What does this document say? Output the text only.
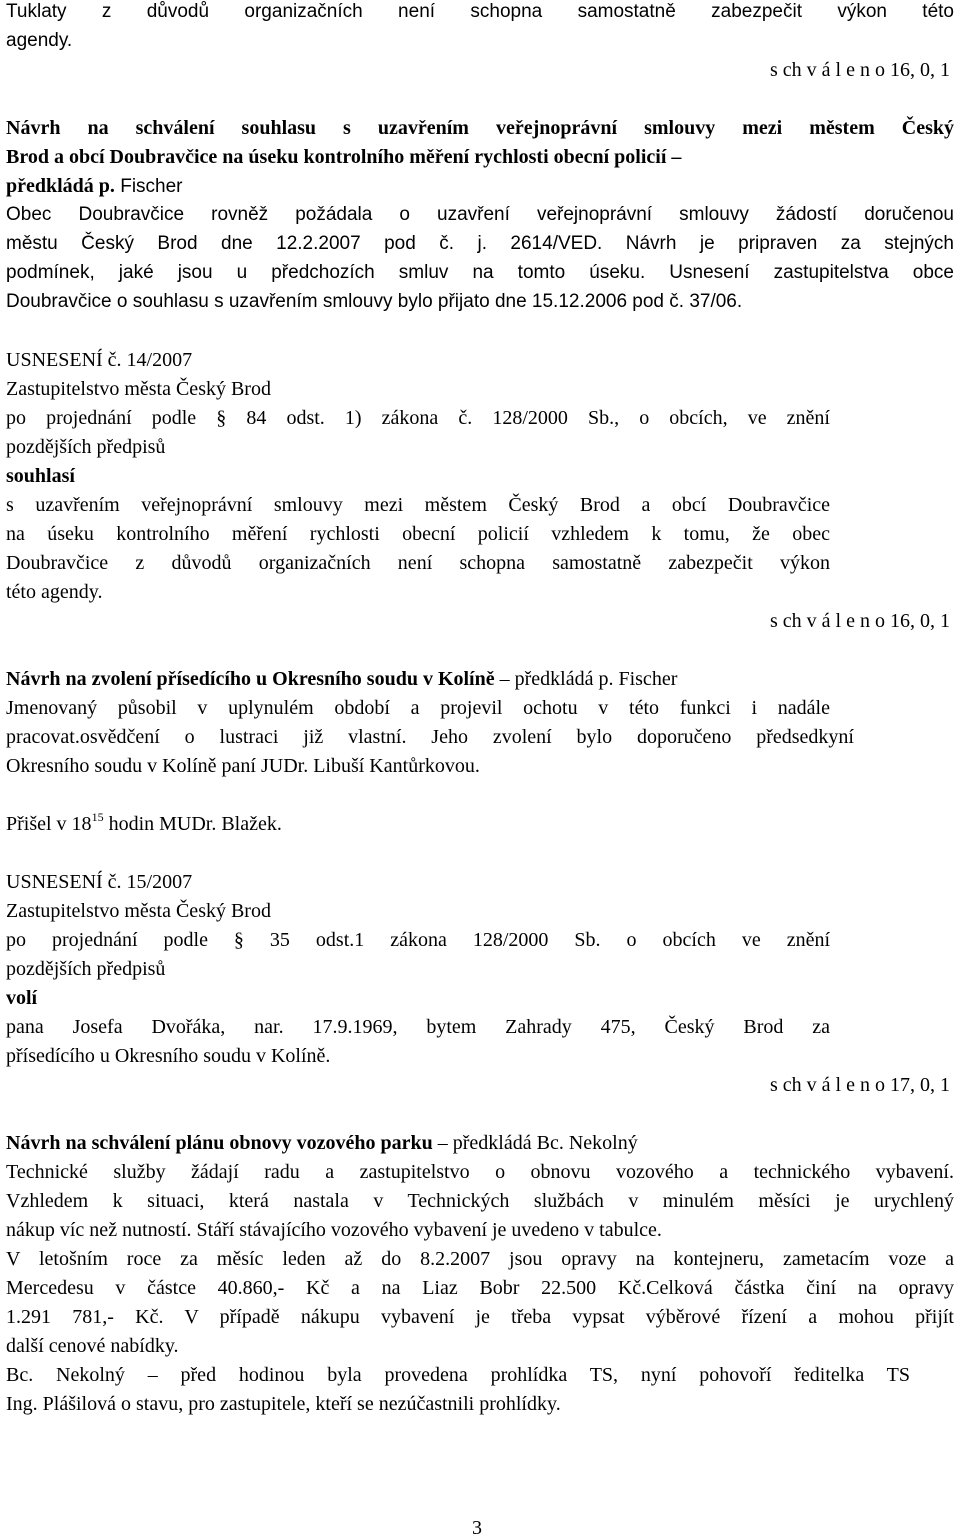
Tuklaty z důvodů organizačních není schopna samostatně zabezpečit výkon této
agendy.
s ch v á l e n o 16, 0, 1
Návrh na schválení souhlasu s uzavřením veřejnoprávní smlouvy mezi městem Český
Brod a obcí Doubravčice na úseku kontrolního měření rychlosti obecní policií –
předkládá p. Fischer
Obec Doubravčice rovněž požádala o uzavření veřejnoprávní smlouvy žádostí doručenou
městu Český Brod dne 12.2.2007 pod č. j. 2614/VED. Návrh je pripraven za stejných
podmínek, jaké jsou u předchozích smluv na tomto úseku. Usnesení zastupitelstva obce
Doubravčice o souhlasu s uzavřením smlouvy bylo přijato dne 15.12.2006 pod č. 37/06.
USNESENÍ č. 14/2007
Zastupitelstvo města Český Brod
po projednání podle § 84 odst. 1) zákona č. 128/2000 Sb., o obcích, ve znění
pozdějších předpisů
souhlasí
s uzavřením veřejnoprávní smlouvy mezi městem Český Brod a obcí Doubravčice
na úseku kontrolního měření rychlosti obecní policií vzhledem k tomu, že obec
Doubravčice z důvodů organizačních není schopna samostatně zabezpečit výkon
této agendy.
s ch v á l e n o 16, 0, 1
Návrh na zvolení přísedícího u Okresního soudu v Kolíně – předkládá p. Fischer
Jmenovaný působil v uplynulém období a projevil ochotu v této funkci i nadále
pracovat.osvědčení o lustraci již vlastní. Jeho zvolení bylo doporučeno předsedkyní
Okresního soudu v Kolíně paní JUDr. Libuší Kantůrkovou.
Přišel v $18^{15}$ hodin MUDr. Blažek.
USNESENÍ č. 15/2007
Zastupitelstvo města Český Brod
po projednání podle § 35 odst.1 zákona 128/2000 Sb. o obcích ve znění
pozdějších předpisů
volí
pana Josefa Dvořáka, nar. 17.9.1969, bytem Zahrady 475, Český Brod za
přísedícího u Okresního soudu v Kolíně.
s ch v á l e n o 17, 0, 1
Návrh na schválení plánu obnovy vozového parku – předkládá Bc. Nekolný
Technické služby žádají radu a zastupitelstvo o obnovu vozového a technického vybavení.
Vzhledem k situaci, která nastala v Technických službách v minulém měsíci je urychlený
nákup víc než nutností. Stáří stávajícího vozového vybavení je uvedeno v tabulce.
V letošním roce za měsíc leden až do 8.2.2007 jsou opravy na kontejneru, zametacím voze a
Mercedesu v částce 40.860,- Kč a na Liaz Bobr 22.500 Kč.Celková částka činí na opravy
1.291 781,- Kč. V případě nákupu vybavení je třeba vypsat výběrové řízení a mohou přijít
další cenové nabídky.
Bc. Nekolný – před hodinou byla provedena prohlídka TS, nyní pohovoří ředitelka TS
Ing. Plášilová o stavu, pro zastupitele, kteří se nezúčastnili prohlídky.
3
